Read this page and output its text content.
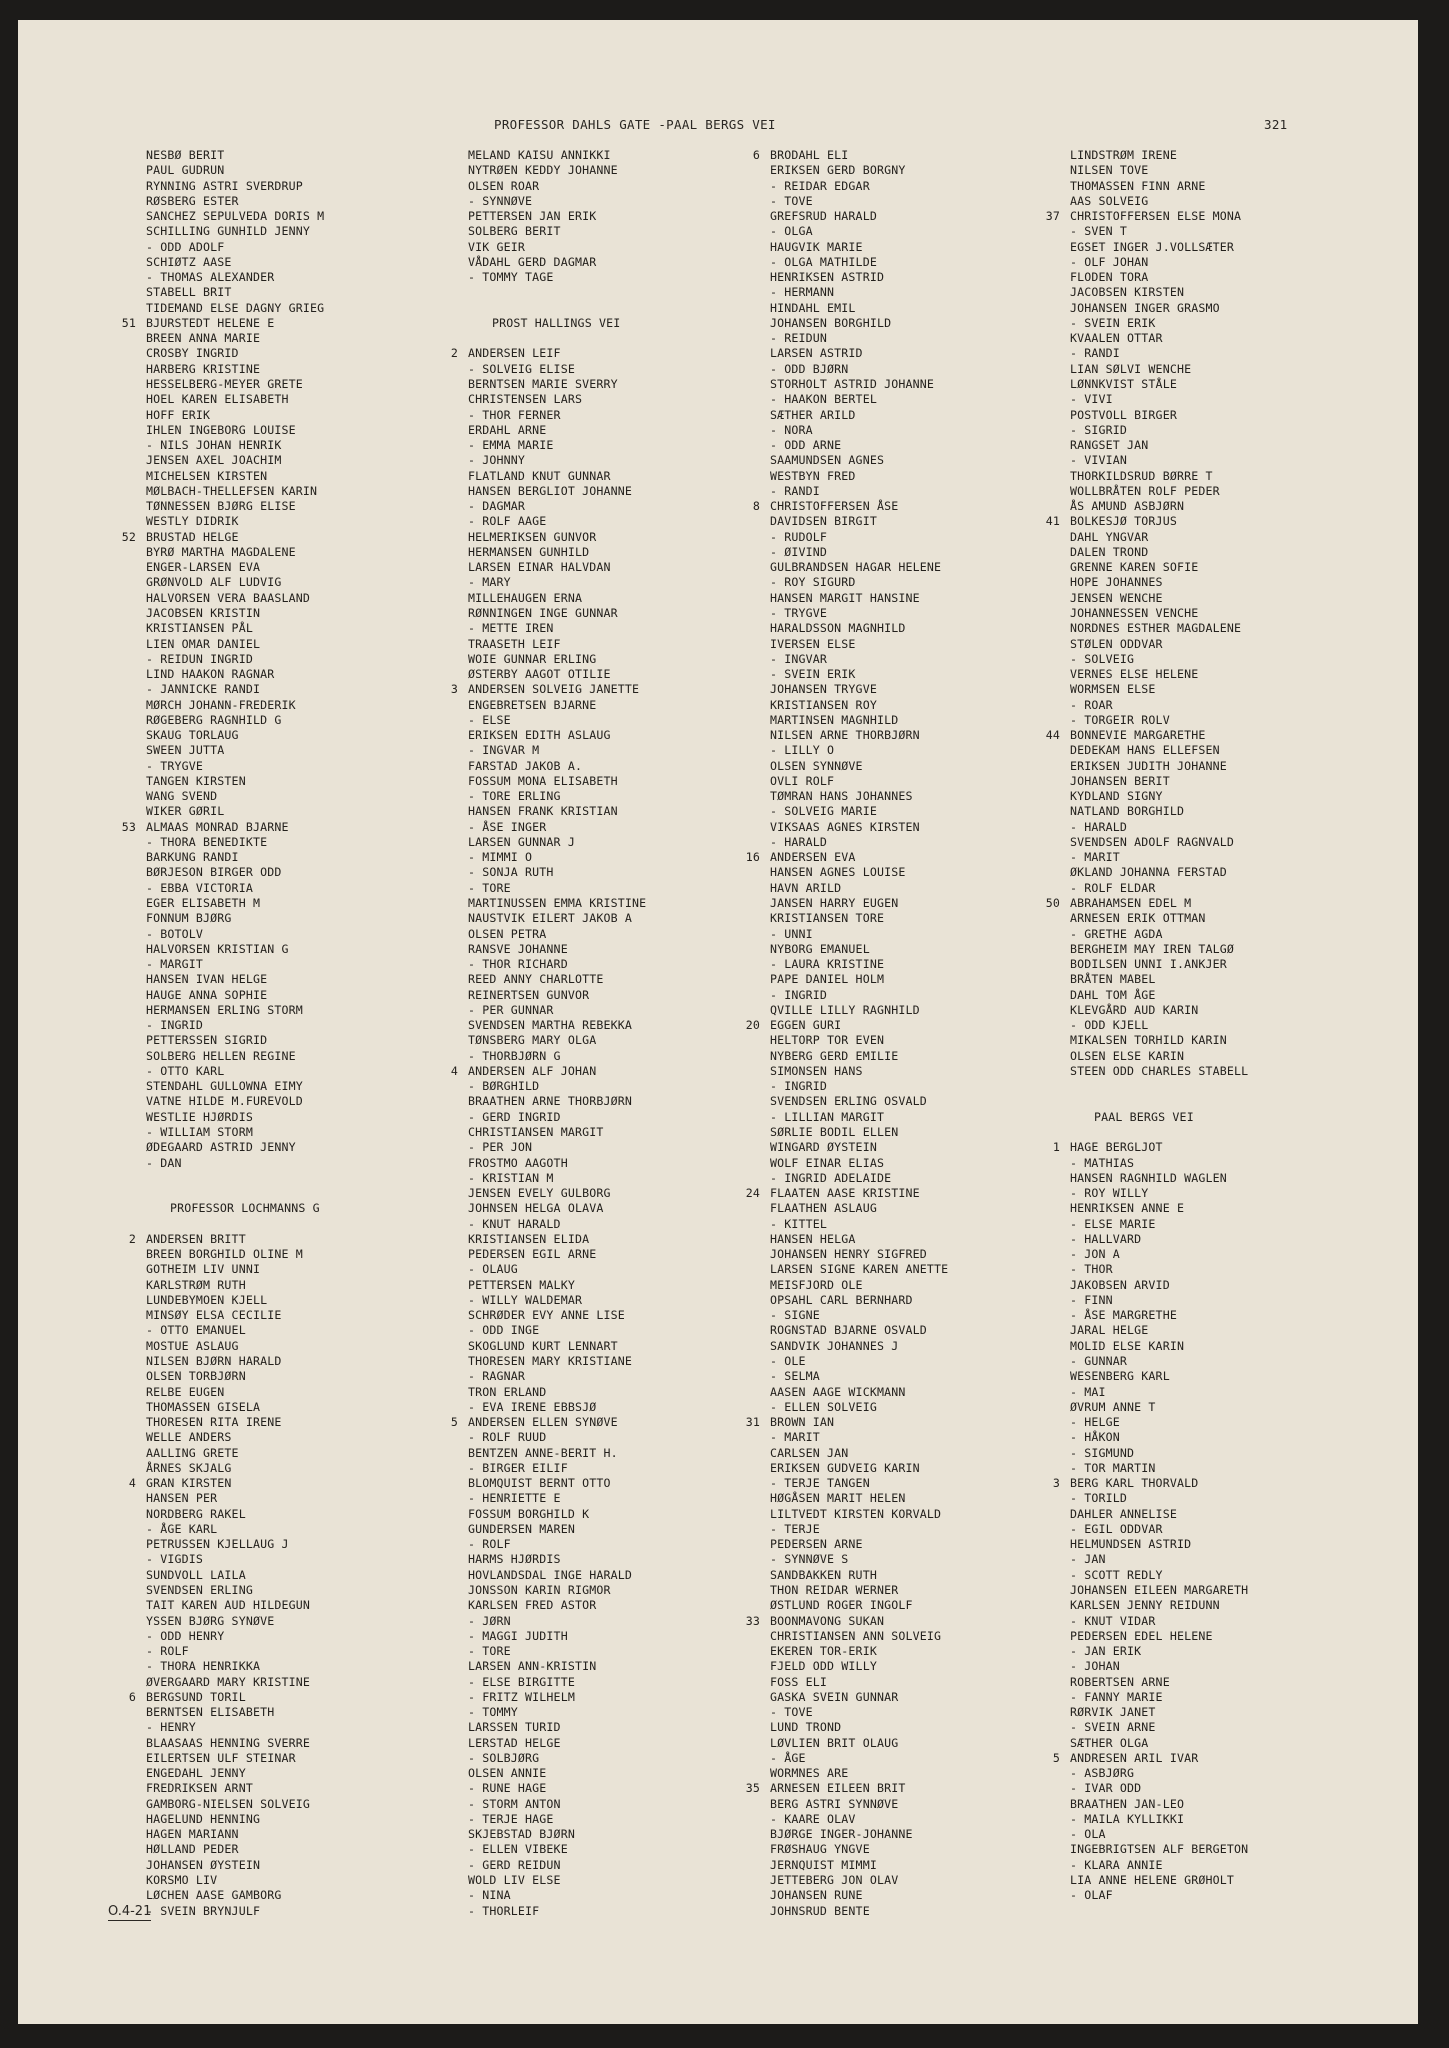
PROFESSOR DAHLS GATE -PAAL BERGS VEI	321
NESBØ BERIT
PAUL GUDRUN
RYNNING ASTRI SVERDRUP
RØSBERG ESTER
SANCHEZ SEPULVEDA DORIS M
SCHILLING GUNHILD JENNY
- ODD ADOLF
SCHIØTZ AASE
- THOMAS ALEXANDER
STABELL BRIT
TIDEMAND ELSE DAGNY GRIEG
51 BJURSTEDT HELENE E
BREEN ANNA MARIE
CROSBY INGRID
HARBERG KRISTINE
HESSELBERG-MEYER GRETE
HOEL KAREN ELISABETH
HOFF ERIK
IHLEN INGEBORG LOUISE
- NILS JOHAN HENRIK
JENSEN AXEL JOACHIM
MICHELSEN KIRSTEN
MØLBACH-THELLEFSEN KARIN
TØNNESSEN BJØRG ELISE
WESTLY DIDRIK
52 BRUSTAD HELGE
BYRØ MARTHA MAGDALENE
ENGER-LARSEN EVA
GRØNVOLD ALF LUDVIG
HALVORSEN VERA BAASLAND
JACOBSEN KRISTIN
KRISTIANSEN PÅL
LIEN OMAR DANIEL
- REIDUN INGRID
LIND HAAKON RAGNAR
- JANNICKE RANDI
MØRCH JOHANN-FREDERIK
RØGEBERG RAGNHILD G
SKAUG TORLAUG
SWEEN JUTTA
- TRYGVE
TANGEN KIRSTEN
WANG SVEND
WIKER GØRIL
53 ALMAAS MONRAD BJARNE
- THORA BENEDIKTE
BARKUNG RANDI
BØRJESON BIRGER ODD
- EBBA VICTORIA
EGER ELISABETH M
FONNUM BJØRG
- BOTOLV
HALVORSEN KRISTIAN G
- MARGIT
HANSEN IVAN HELGE
HAUGE ANNA SOPHIE
HERMANSEN ERLING STORM
- INGRID
PETTERSSEN SIGRID
SOLBERG HELLEN REGINE
- OTTO KARL
STENDAHL GULLOWNA EIMY
VATNE HILDE M.FUREVOLD
WESTLIE HJØRDIS
- WILLIAM STORM
ØDEGAARD ASTRID JENNY
- DAN
PROFESSOR LOCHMANNS G
2 ANDERSEN BRITT
BREEN BORGHILD OLINE M
GOTHEIM LIV UNNI
KARLSTRØM RUTH
LUNDEBYMOEN KJELL
MINSØY ELSA CECILIE
- OTTO EMANUEL
MOSTUE ASLAUG
NILSEN BJØRN HARALD
OLSEN TORBJØRN
RELBE EUGEN
THOMASSEN GISELA
THORESEN RITA IRENE
WELLE ANDERS
AALLING GRETE
ÅRNES SKJALG
4 GRAN KIRSTEN
HANSEN PER
NORDBERG RAKEL
- ÅGE KARL
PETRUSSEN KJELLAUG J
- VIGDIS
SUNDVOLL LAILA
SVENDSEN ERLING
TAIT KAREN AUD HILDEGUN
YSSEN BJØRG SYNØVE
- ODD HENRY
- ROLF
- THORA HENRIKKA
ØVERGAARD MARY KRISTINE
6 BERGSUND TORIL
BERNTSEN ELISABETH
- HENRY
BLAASAAS HENNING SVERRE
EILERTSEN ULF STEINAR
ENGEDAHL JENNY
FREDRIKSEN ARNT
GAMBORG-NIELSEN SOLVEIG
HAGELUND HENNING
HAGEN MARIANN
HØLLAND PEDER
JOHANSEN ØYSTEIN
KORSMO LIV
LØCHEN AASE GAMBORG
- SVEIN BRYNJULF
MELAND KAISU ANNIKKI
NYTRØEN KEDDY JOHANNE
OLSEN ROAR
- SYNNØVE
PETTERSEN JAN ERIK
SOLBERG BERIT
VIK GEIR
VÅDAHL GERD DAGMAR
- TOMMY TAGE
PROST HALLINGS VEI
2 ANDERSEN LEIF
- SOLVEIG ELISE
BERNTSEN MARIE SVERRY
CHRISTENSEN LARS
- THOR FERNER
ERDAHL ARNE
- EMMA MARIE
- JOHNNY
FLATLAND KNUT GUNNAR
HANSEN BERGLIOT JOHANNE
- DAGMAR
- ROLF AAGE
HELMERIKSEN GUNVOR
HERMANSEN GUNHILD
LARSEN EINAR HALVDAN
- MARY
MILLEHAUGEN ERNA
RØNNINGEN INGE GUNNAR
- METTE IREN
TRAASETH LEIF
WOIE GUNNAR ERLING
ØSTERBY AAGOT OTILIE
3 ANDERSEN SOLVEIG JANETTE
ENGEBRETSEN BJARNE
- ELSE
ERIKSEN EDITH ASLAUG
- INGVAR M
FARSTAD JAKOB A.
FOSSUM MONA ELISABETH
- TORE ERLING
HANSEN FRANK KRISTIAN
- ÅSE INGER
LARSEN GUNNAR J
- MIMMI O
- SONJA RUTH
- TORE
MARTINUSSEN EMMA KRISTINE
NAUSTVIK EILERT JAKOB A
OLSEN PETRA
RANSVE JOHANNE
- THOR RICHARD
REED ANNY CHARLOTTE
REINERTSEN GUNVOR
- PER GUNNAR
SVENDSEN MARTHA REBEKKA
TØNSBERG MARY OLGA
- THORBJØRN G
4 ANDERSEN ALF JOHAN
- BØRGHILD
BRAATHEN ARNE THORBJØRN
- GERD INGRID
CHRISTIANSEN MARGIT
- PER JON
FROSTMO AAGOTH
- KRISTIAN M
JENSEN EVELY GULBORG
JOHNSEN HELGA OLAVA
- KNUT HARALD
KRISTIANSEN ELIDA
PEDERSEN EGIL ARNE
- OLAUG
PETTERSEN MALKY
- WILLY WALDEMAR
SCHRØDER EVY ANNE LISE
- ODD INGE
SKOGLUND KURT LENNART
THORESEN MARY KRISTIANE
- RAGNAR
TRON ERLAND
- EVA IRENE EBBSJØ
5 ANDERSEN ELLEN SYNØVE
- ROLF RUUD
BENTZEN ANNE-BERIT H.
- BIRGER EILIF
BLOMQUIST BERNT OTTO
- HENRIETTE E
FOSSUM BORGHILD K
GUNDERSEN MAREN
- ROLF
HARMS HJØRDIS
HOVLANDSDAL INGE HARALD
JONSSON KARIN RIGMOR
KARLSEN FRED ASTOR
- JØRN
- MAGGI JUDITH
- TORE
LARSEN ANN-KRISTIN
- ELSE BIRGITTE
- FRITZ WILHELM
- TOMMY
LARSSEN TURID
LERSTAD HELGE
- SOLBJØRG
OLSEN ANNIE
- RUNE HAGE
- STORM ANTON
- TERJE HAGE
SKJEBSTAD BJØRN
- ELLEN VIBEKE
- GERD REIDUN
WOLD LIV ELSE
- NINA
- THORLEIF
6 BRODAHL ELI
ERIKSEN GERD BORGNY
- REIDAR EDGAR
- TOVE
GREFSRUD HARALD
- OLGA
HAUGVIK MARIE
- OLGA MATHILDE
HENRIKSEN ASTRID
- HERMANN
HINDAHL EMIL
JOHANSEN BORGHILD
- REIDUN
LARSEN ASTRID
- ODD BJØRN
STORHOLT ASTRID JOHANNE
- HAAKON BERTEL
SÆTHER ARILD
- NORA
- ODD ARNE
SAAMUNDSEN AGNES
WESTBYN FRED
- RANDI
8 CHRISTOFFERSEN ÅSE
DAVIDSEN BIRGIT
- RUDOLF
- ØIVIND
GULBRANDSEN HAGAR HELENE
- ROY SIGURD
HANSEN MARGIT HANSINE
- TRYGVE
HARALDSSON MAGNHILD
IVERSEN ELSE
- INGVAR
- SVEIN ERIK
JOHANSEN TRYGVE
KRISTIANSEN ROY
MARTINSEN MAGNHILD
NILSEN ARNE THORBJØRN
- LILLY O
OLSEN SYNNØVE
OVLI ROLF
TØMRAN HANS JOHANNES
- SOLVEIG MARIE
VIKSAAS AGNES KIRSTEN
- HARALD
16 ANDERSEN EVA
HANSEN AGNES LOUISE
HAVN ARILD
JANSEN HARRY EUGEN
KRISTIANSEN TORE
- UNNI
NYBORG EMANUEL
- LAURA KRISTINE
PAPE DANIEL HOLM
- INGRID
QVILLE LILLY RAGNHILD
20 EGGEN GURI
HELTORP TOR EVEN
NYBERG GERD EMILIE
SIMONSEN HANS
- INGRID
SVENDSEN ERLING OSVALD
- LILLIAN MARGIT
SØRLIE BODIL ELLEN
WINGARD ØYSTEIN
WOLF EINAR ELIAS
- INGRID ADELAIDE
24 FLAATEN AASE KRISTINE
FLAATHEN ASLAUG
- KITTEL
HANSEN HELGA
JOHANSEN HENRY SIGFRED
LARSEN SIGNE KAREN ANETTE
MEISFJORD OLE
OPSAHL CARL BERNHARD
- SIGNE
ROGNSTAD BJARNE OSVALD
SANDVIK JOHANNES J
- OLE
- SELMA
AASEN AAGE WICKMANN
- ELLEN SOLVEIG
31 BROWN IAN
- MARIT
CARLSEN JAN
ERIKSEN GUDVEIG KARIN
- TERJE TANGEN
HØGÅSEN MARIT HELEN
LILTVEDT KIRSTEN KORVALD
- TERJE
PEDERSEN ARNE
- SYNNØVE S
SANDBAKKEN RUTH
THON REIDAR WERNER
ØSTLUND ROGER INGOLF
33 BOONMAVONG SUKAN
CHRISTIANSEN ANN SOLVEIG
EKEREN TOR-ERIK
FJELD ODD WILLY
FOSS ELI
GASKA SVEIN GUNNAR
- TOVE
LUND TROND
LØVLIEN BRIT OLAUG
- ÅGE
WORMNES ARE
35 ARNESEN EILEEN BRIT
BERG ASTRI SYNNØVE
- KAARE OLAV
BJØRGE INGER-JOHANNE
FRØSHAUG YNGVE
JERNQUIST MIMMI
JETTEBERG JON OLAV
JOHANSEN RUNE
JOHNSRUD BENTE
LINDSTRØM IRENE
NILSEN TOVE
THOMASSEN FINN ARNE
AAS SOLVEIG
37 CHRISTOFFERSEN ELSE MONA
- SVEN T
EGSET INGER J.VOLLSÆTER
- OLF JOHAN
FLODEN TORA
JACOBSEN KIRSTEN
JOHANSEN INGER GRASMO
- SVEIN ERIK
KVAALEN OTTAR
- RANDI
LIAN SØLVI WENCHE
LØNNKVIST STÅLE
- VIVI
POSTVOLL BIRGER
- SIGRID
RANGSET JAN
- VIVIAN
THORKILDSRUD BØRRE T
WOLLBRÅTEN ROLF PEDER
ÅS AMUND ASBJØRN
41 BOLKESJØ TORJUS
DAHL YNGVAR
DALEN TROND
GRENNE KAREN SOFIE
HOPE JOHANNES
JENSEN WENCHE
JOHANNESSEN VENCHE
NORDNES ESTHER MAGDALENE
STØLEN ODDVAR
- SOLVEIG
VERNES ELSE HELENE
WORMSEN ELSE
- ROAR
- TORGEIR ROLV
44 BONNEVIE MARGARETHE
DEDEKAM HANS ELLEFSEN
ERIKSEN JUDITH JOHANNE
JOHANSEN BERIT
KYDLAND SIGNY
NATLAND BORGHILD
- HARALD
SVENDSEN ADOLF RAGNVALD
- MARIT
ØKLAND JOHANNA FERSTAD
- ROLF ELDAR
50 ABRAHAMSEN EDEL M
ARNESEN ERIK OTTMAN
- GRETHE AGDA
BERGHEIM MAY IREN TALGØ
BODILSEN UNNI I.ANKJER
BRÅTEN MABEL
DAHL TOM ÅGE
KLEVGÅRD AUD KARIN
- ODD KJELL
MIKALSEN TORHILD KARIN
OLSEN ELSE KARIN
STEEN ODD CHARLES STABELL
PAAL BERGS VEI
1 HAGE BERGLJOT
- MATHIAS
HANSEN RAGNHILD WAGLEN
- ROY WILLY
HENRIKSEN ANNE E
- ELSE MARIE
- HALLVARD
- JON A
- THOR
JAKOBSEN ARVID
- FINN
- ÅSE MARGRETHE
JARAL HELGE
MOLID ELSE KARIN
- GUNNAR
WESENBERG KARL
- MAI
ØVRUM ANNE T
- HELGE
- HÅKON
- SIGMUND
- TOR MARTIN
3 BERG KARL THORVALD
- TORILD
DAHLER ANNELISE
- EGIL ODDVAR
HELMUNDSEN ASTRID
- JAN
- SCOTT REDLY
JOHANSEN EILEEN MARGARETH
KARLSEN JENNY REIDUNN
- KNUT VIDAR
PEDERSEN EDEL HELENE
- JAN ERIK
- JOHAN
ROBERTSEN ARNE
- FANNY MARIE
RØRVIK JANET
- SVEIN ARNE
SÆTHER OLGA
5 ANDRESEN ARIL IVAR
- ASBJØRG
- IVAR ODD
BRAATHEN JAN-LEO
- MAILA KYLLIKKI
- OLA
INGEBRIGTSEN ALF BERGETON
- KLARA ANNIE
LIA ANNE HELENE GRØHOLT
- OLAF
O.4-21
